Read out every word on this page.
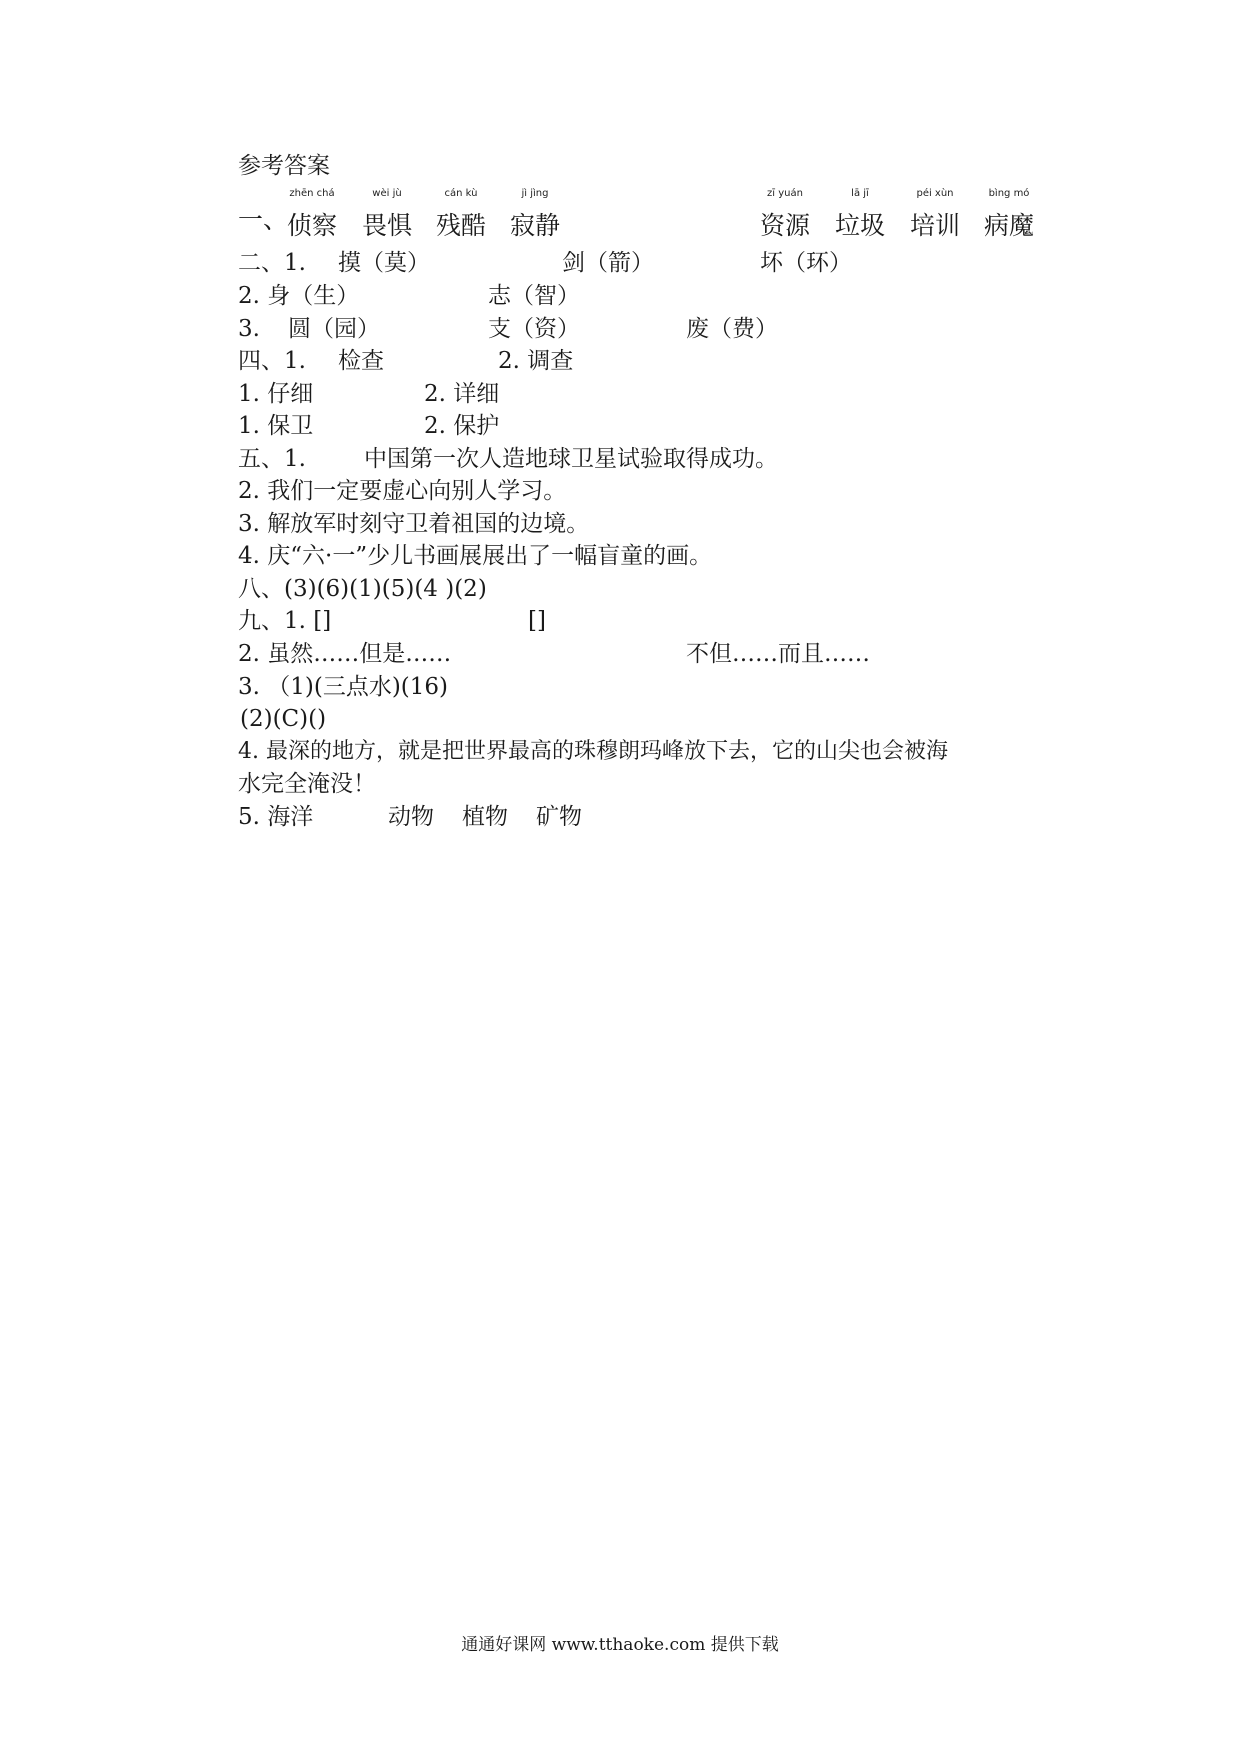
参考答案
一、
zhēn chá
侦察
wèi jù
畏惧
cán kù
残酷
jì jìng
寂静
zī yuán
资源
lā jī
垃圾
péi xùn
培训
bìng mó
病魔
二、1. 摸（莫）	剑（箭）	坏（环）
2. 身（生）	志（智）
3. 圆（园）	支（资）	废（费）
四、1. 检查	2. 调查
1. 仔细	2. 详细
1. 保卫	2. 保护
五、1.	中国第一次人造地球卫星试验取得成功。
2. 我们一定要虚心向别人学习。
3. 解放军时刻守卫着祖国的边境。
4. 庆“六·一”少儿书画展展出了一幅盲童的画。
八、(3)(6)(1)(5)(4 )(2)
九、1. []	[]
2. 虽然……但是……	不但……而且……
3. （1)(三点水)(16)
(2)(C)()
4. 最深的地方，就是把世界最高的珠穆朗玛峰放下去，它的山尖也会被海
水完全淹没！
5. 海洋	动物 植物 矿物
通通好课网 www.tthaoke.com 提供下载
